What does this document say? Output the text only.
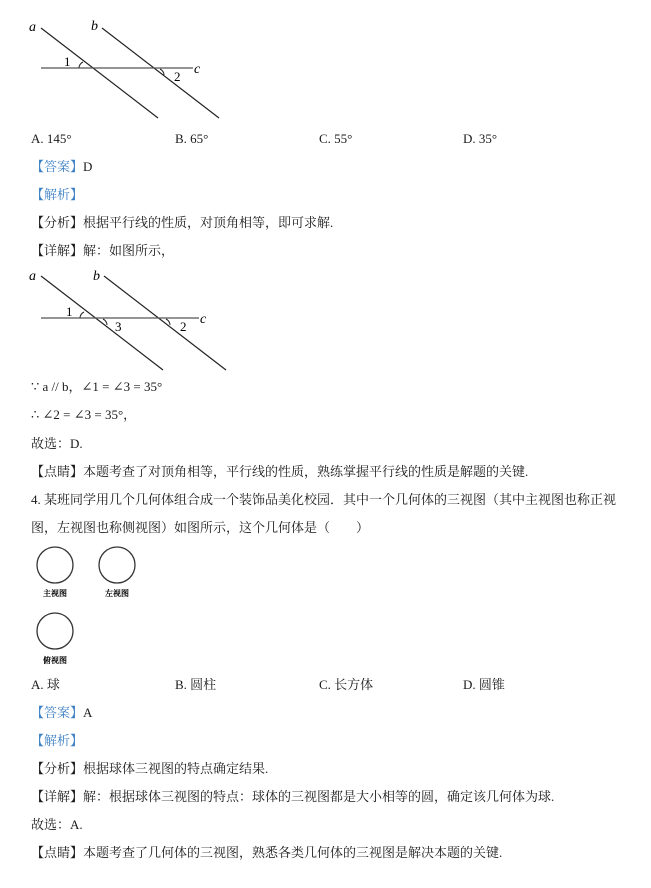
a	b
c
1
2
A. 145°	B. 65°	C. 55°	D. 35°
【答案】D
【解析】
【分析】根据平行线的性质，对顶角相等，即可求解.
【详解】解：如图所示，
a	b
c
1
3	2
∵ a // b，∠1 = ∠3 = 35°
∴ ∠2 = ∠3 = 35°，
故选：D.
【点睛】本题考查了对顶角相等，平行线的性质，熟练掌握平行线的性质是解题的关键.
4. 某班同学用几个几何体组合成一个装饰品美化校园．其中一个几何体的三视图（其中主视图也称正视
图，左视图也称侧视图）如图所示，这个几何体是（　　）
主视图	左视图
俯视图
A. 球	B. 圆柱	C. 长方体	D. 圆锥
【答案】A
【解析】
【分析】根据球体三视图的特点确定结果.
【详解】解：根据球体三视图的特点：球体的三视图都是大小相等的圆，确定该几何体为球.
故选：A.
【点睛】本题考查了几何体的三视图，熟悉各类几何体的三视图是解决本题的关键.
